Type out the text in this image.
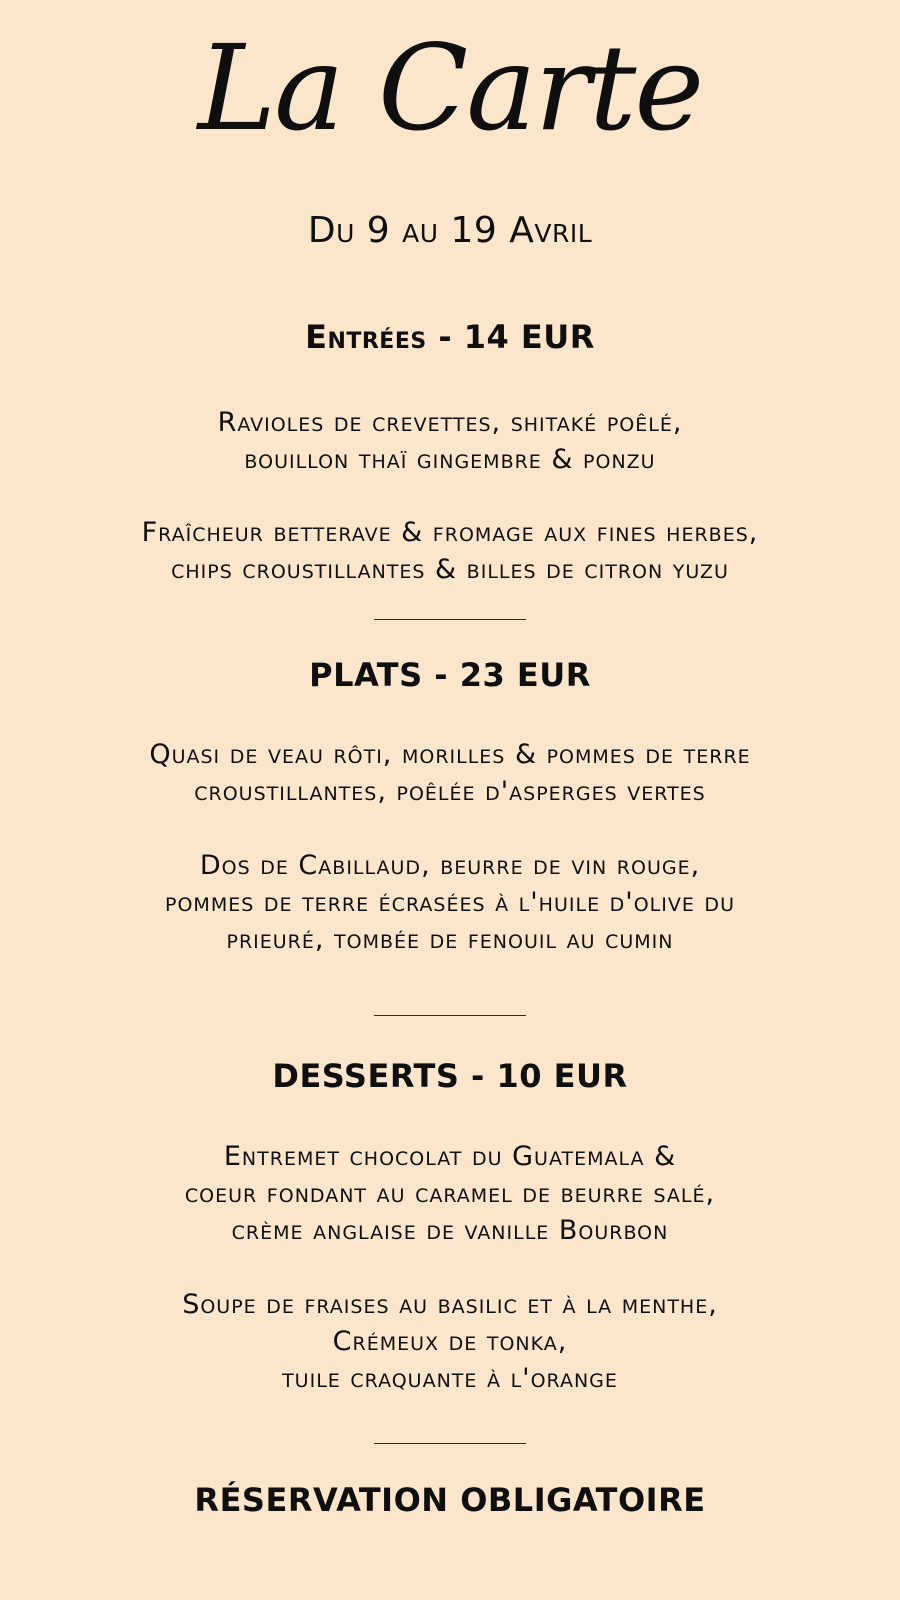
La Carte
Du 9 au 19 Avril
Entrées - 14 EUR
Ravioles de crevettes, shitaké poêlé,
bouillon thaï gingembre & ponzu
Fraîcheur betterave & fromage aux fines herbes,
chips croustillantes & billes de citron yuzu
PLATS - 23 EUR
Quasi de veau rôti, morilles & pommes de terre
croustillantes, poêlée d'asperges vertes
Dos de Cabillaud, beurre de vin rouge,
pommes de terre écrasées à l'huile d'olive du
prieuré, tombée de fenouil au cumin
DESSERTS - 10 EUR
Entremet chocolat du Guatemala &
coeur fondant au caramel de beurre salé,
crème anglaise de vanille Bourbon
Soupe de fraises au basilic et à la menthe,
Crémeux de tonka,
tuile craquante à l'orange
RÉSERVATION OBLIGATOIRE
